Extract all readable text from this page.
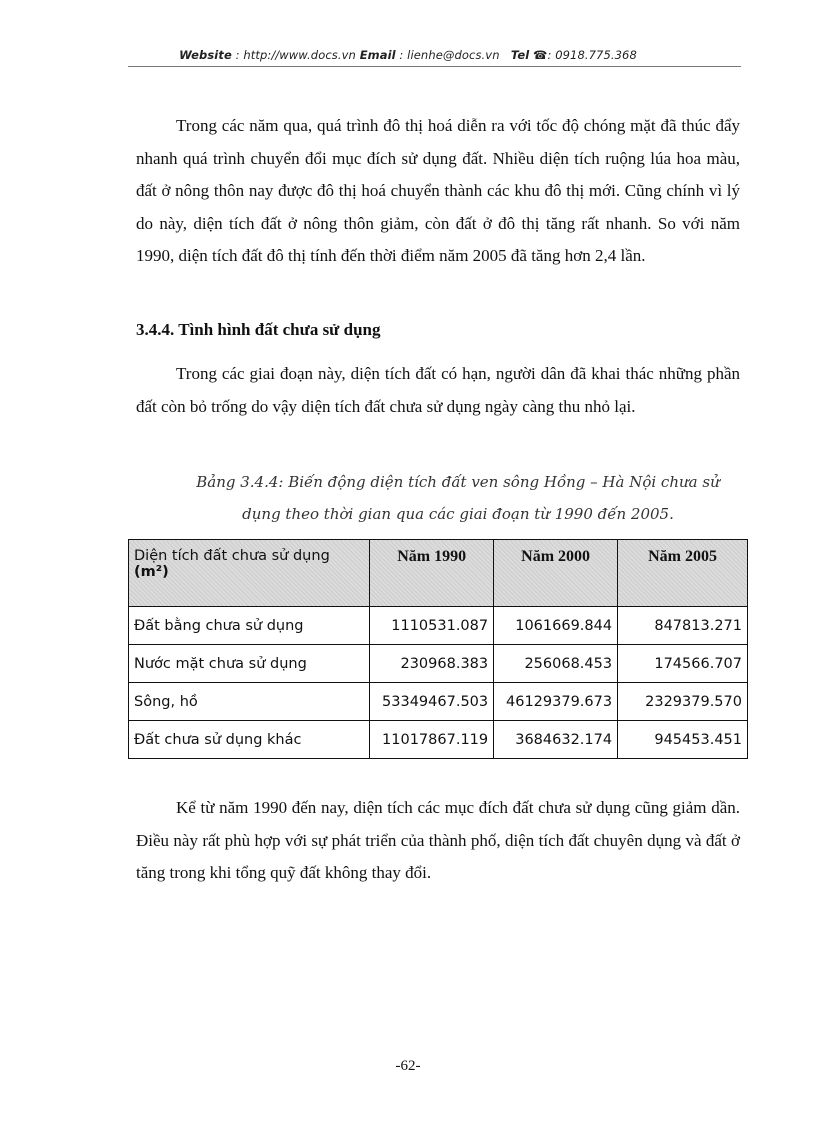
Website : http://www.docs.vn Email : lienhe@docs.vn Tel ☎: 0918.775.368

Trong các năm qua, quá trình đô thị hoá diễn ra với tốc độ chóng mặt đã thúc đẩy nhanh quá trình chuyển đổi mục đích sử dụng đất. Nhiều diện tích ruộng lúa hoa màu, đất ở nông thôn nay được đô thị hoá chuyển thành các khu đô thị mới. Cũng chính vì lý do này, diện tích đất ở nông thôn giảm, còn đất ở đô thị tăng rất nhanh. So với năm 1990, diện tích đất đô thị tính đến thời điểm năm 2005 đã tăng hơn 2,4 lần.

3.4.4. Tình hình đất chưa sử dụng

Trong các giai đoạn này, diện tích đất có hạn, người dân đã khai thác những phần đất còn bỏ trống do vậy diện tích đất chưa sử dụng ngày càng thu nhỏ lại.

Bảng 3.4.4: Biến động diện tích đất ven sông Hồng – Hà Nội chưa sử
dụng theo thời gian qua các giai đoạn từ 1990 đến 2005.
Diện tích đất chưa sử dụng
(m²)	Năm 1990	Năm 2000	Năm 2005
Đất bằng chưa sử dụng	1110531.087	1061669.844	847813.271
Nước mặt chưa sử dụng	230968.383	256068.453	174566.707
Sông, hồ	53349467.503	46129379.673	2329379.570
Đất chưa sử dụng khác	11017867.119	3684632.174	945453.451

Kể từ năm 1990 đến nay, diện tích các mục đích đất chưa sử dụng cũng giảm dần. Điều này rất phù hợp với sự phát triển của thành phố, diện tích đất chuyên dụng và đất ở tăng trong khi tổng quỹ đất không thay đổi.

-62-
